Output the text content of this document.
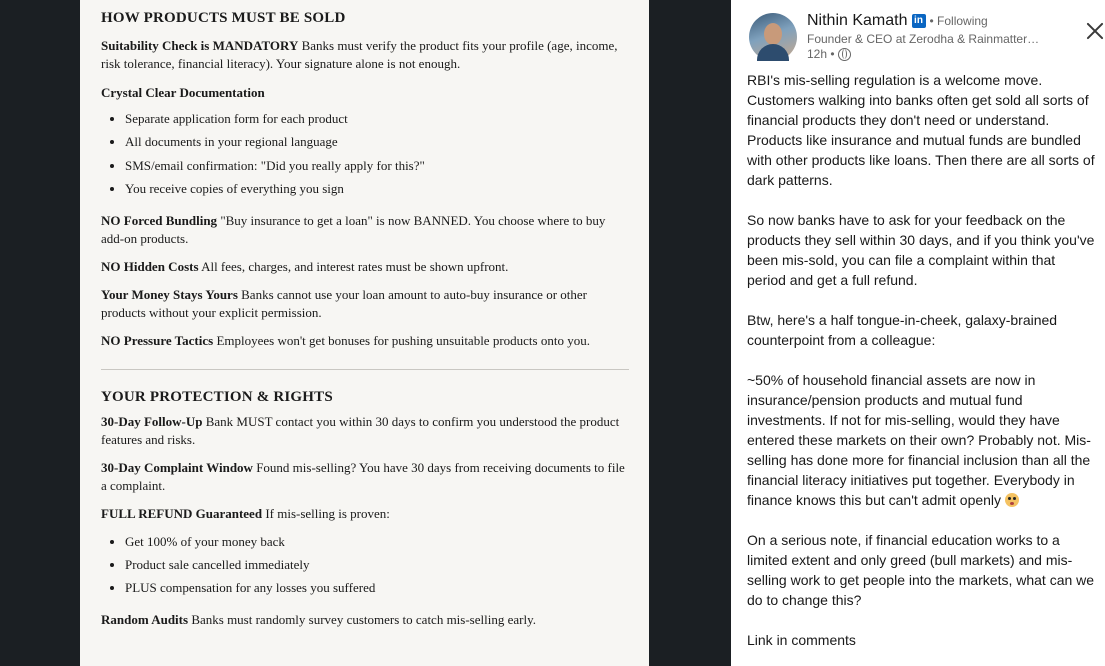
HOW PRODUCTS MUST BE SOLD

Suitability Check is MANDATORY Banks must verify the product fits your profile (age, income, risk tolerance, financial literacy). Your signature alone is not enough.

Crystal Clear Documentation

• Separate application form for each product
• All documents in your regional language
• SMS/email confirmation: "Did you really apply for this?"
• You receive copies of everything you sign

NO Forced Bundling "Buy insurance to get a loan" is now BANNED. You choose where to buy add-on products.

NO Hidden Costs All fees, charges, and interest rates must be shown upfront.

Your Money Stays Yours Banks cannot use your loan amount to auto-buy insurance or other products without your explicit permission.

NO Pressure Tactics Employees won't get bonuses for pushing unsuitable products onto you.

YOUR PROTECTION & RIGHTS

30-Day Follow-Up Bank MUST contact you within 30 days to confirm you understood the product features and risks.

30-Day Complaint Window Found mis-selling? You have 30 days from receiving documents to file a complaint.

FULL REFUND Guaranteed If mis-selling is proven:

• Get 100% of your money back
• Product sale cancelled immediately
• PLUS compensation for any losses you suffered

Random Audits Banks must randomly survey customers to catch mis-selling early.

Nithin Kamath in • Following
Founder & CEO at Zerodha & Rainmatter…
12h •

RBI's mis-selling regulation is a welcome move. Customers walking into banks often get sold all sorts of financial products they don't need or understand. Products like insurance and mutual funds are bundled with other products like loans. Then there are all sorts of dark patterns.

So now banks have to ask for your feedback on the products they sell within 30 days, and if you think you've been mis-sold, you can file a complaint within that period and get a full refund.

Btw, here's a half tongue-in-cheek, galaxy-brained counterpoint from a colleague:

~50% of household financial assets are now in insurance/pension products and mutual fund investments. If not for mis-selling, would they have entered these markets on their own? Probably not. Mis-selling has done more for financial inclusion than all the financial literacy initiatives put together. Everybody in finance knows this but can't admit openly

On a serious note, if financial education works to a limited extent and only greed (bull markets) and mis-selling work to get people into the markets, what can we do to change this?

Link in comments
